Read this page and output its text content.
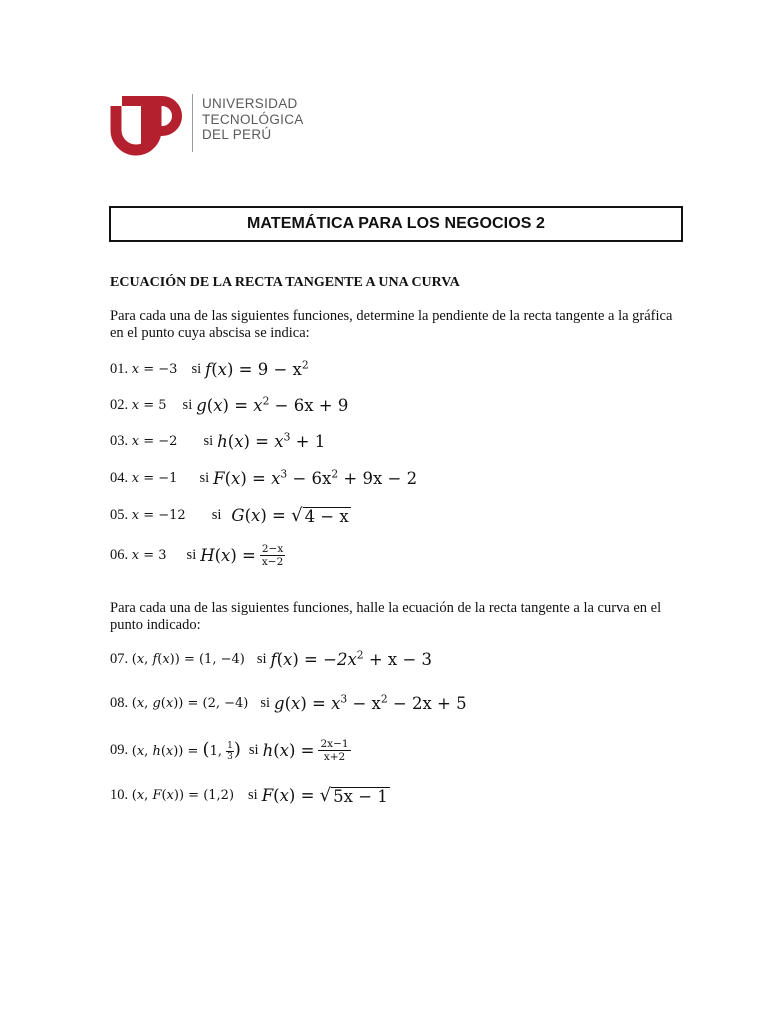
UNIVERSIDAD
TECNOLÓGICA
DEL PERÚ
MATEMÁTICA PARA LOS NEGOCIOS 2
ECUACIÓN DE LA RECTA TANGENTE A UNA CURVA
Para cada una de las siguientes funciones, determine la pendiente de la recta tangente a la gráfica en el punto cuya abscisa se indica:
01.
x = −3 si $f(x) = 9 - x^2$
02.
x = 5 si $g(x) = x^2 - 6x + 9$
03.
x = −2 si $h(x) = x^3 + 1$
04.
x = −1 si $F(x) = x^3 - 6x^2 + 9x - 2$
05.
x = −12 si G(x) = √ 4 − x
06.
x = 3 si $H(x) = \frac{2-x}{x-2}$
Para cada una de las siguientes funciones, halle la ecuación de la recta tangente a la curva en el punto indicado:
07.
(x, f(x)) = (1, −4) si $f(x) = -2x^2 + x - 3$
08.
(x, g(x)) = (2, −4) si $g(x) = x^3 - x^2 - 2x + 5$
09.
(x, h(x)) = (1, $\frac{1}{3}$ ) si $h(x) = \frac{2x-1}{x+2}$
10.
(x, F(x)) = (1,2) si F(x) = √ 5x − 1
